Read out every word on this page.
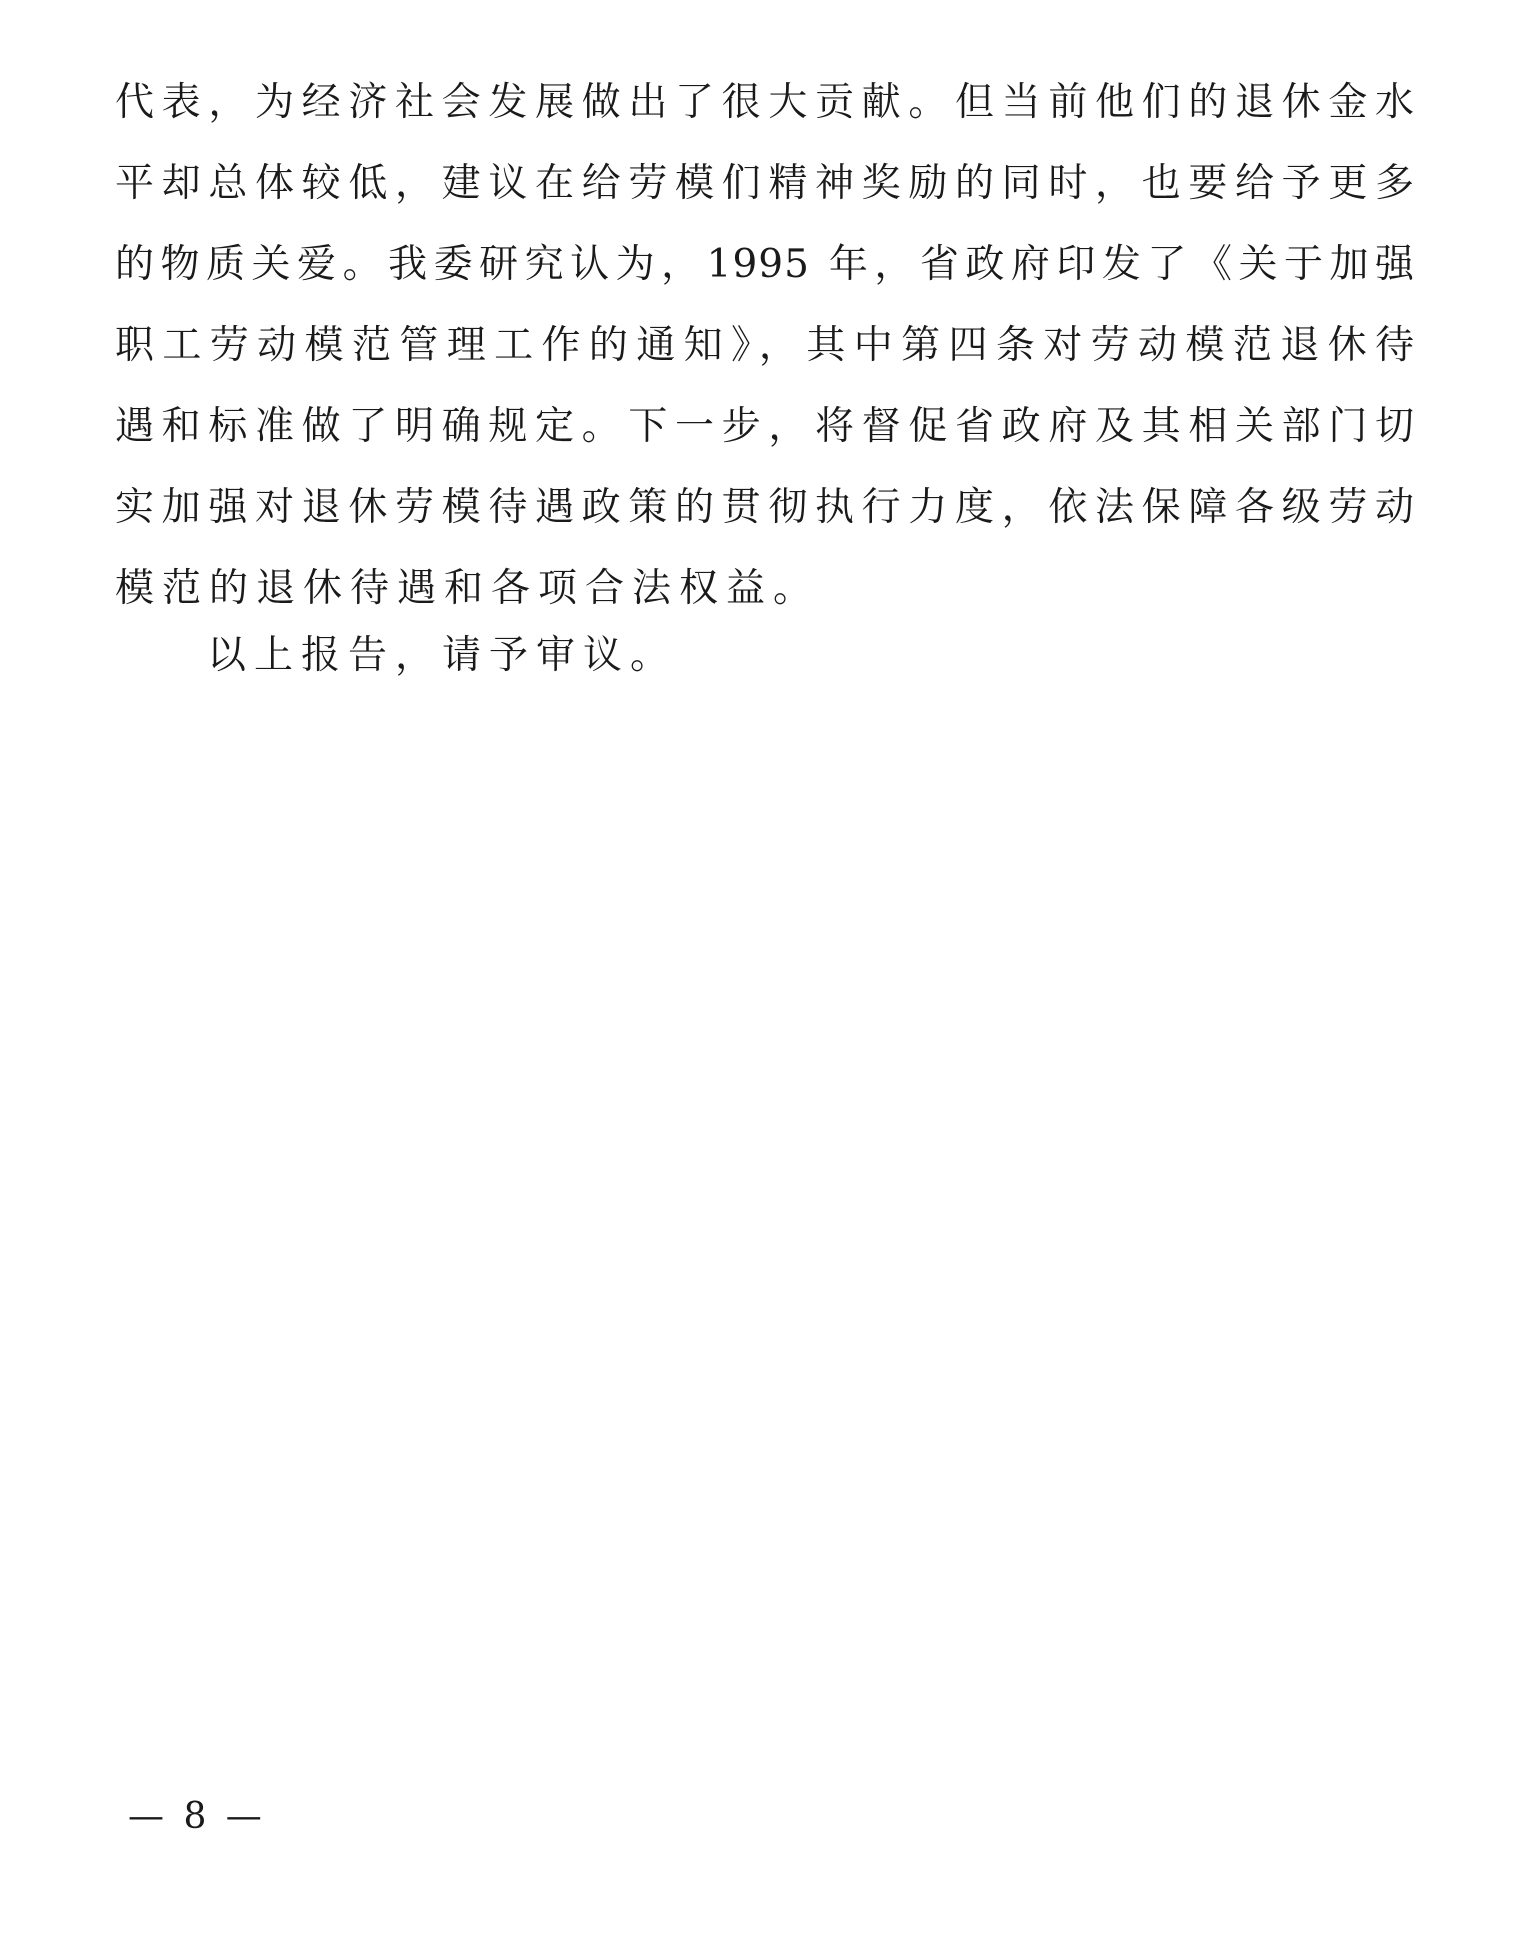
代表，为经济社会发展做出了很大贡献。但当前他们的退休金水
平却总体较低，建议在给劳模们精神奖励的同时，也要给予更多
的物质关爱。我委研究认为，1995 年，省政府印发了《关于加强
职工劳动模范管理工作的通知》，其中第四条对劳动模范退休待
遇和标准做了明确规定。下一步，将督促省政府及其相关部门切
实加强对退休劳模待遇政策的贯彻执行力度，依法保障各级劳动
模范的退休待遇和各项合法权益。
以上报告，请予审议。
— 8 —
